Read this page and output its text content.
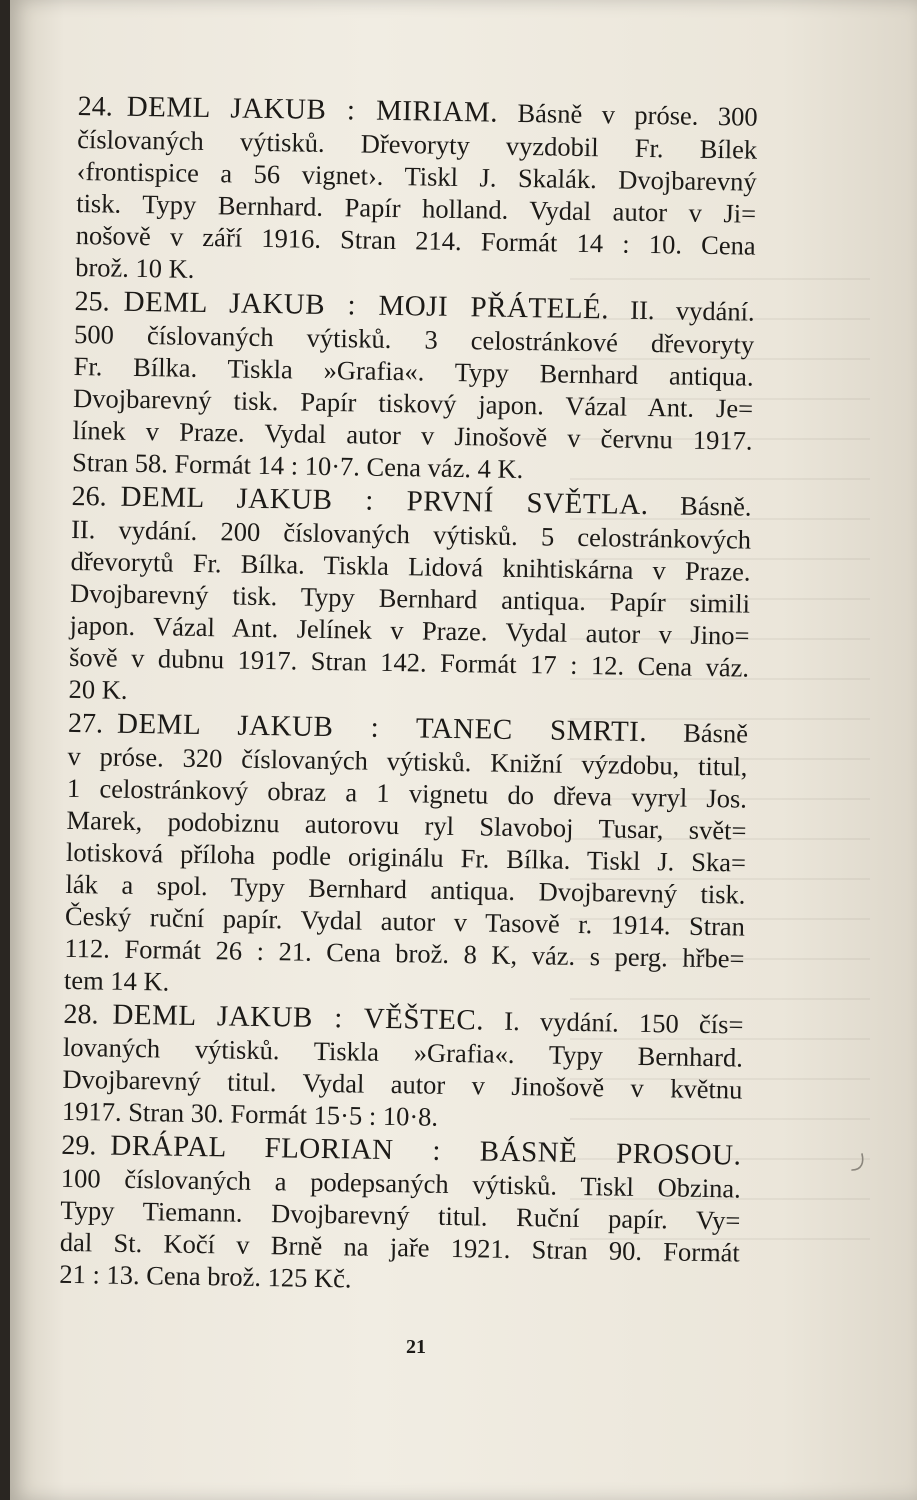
24. DEML JAKUB : MIRIAM. Básně v próse. 300
číslovaných výtisků. Dřevoryty vyzdobil Fr. Bílek
‹frontispice a 56 vignet›. Tiskl J. Skalák. Dvojbarevný
tisk. Typy Bernhard. Papír holland. Vydal autor v Ji=
nošově v září 1916. Stran 214. Formát 14 : 10. Cena
brož. 10 K.
25. DEML JAKUB : MOJI PŘÁTELÉ. II. vydání.
500 číslovaných výtisků. 3 celostránkové dřevoryty
Fr. Bílka. Tiskla »Grafia«. Typy Bernhard antiqua.
Dvojbarevný tisk. Papír tiskový japon. Vázal Ant. Je=
línek v Praze. Vydal autor v Jinošově v červnu 1917.
Stran 58. Formát 14 : 10·7. Cena váz. 4 K.
26. DEML JAKUB : PRVNÍ SVĚTLA. Básně.
II. vydání. 200 číslovaných výtisků. 5 celostránkových
dřevorytů Fr. Bílka. Tiskla Lidová knihtiskárna v Praze.
Dvojbarevný tisk. Typy Bernhard antiqua. Papír simili
japon. Vázal Ant. Jelínek v Praze. Vydal autor v Jino=
šově v dubnu 1917. Stran 142. Formát 17 : 12. Cena váz.
20 K.
27. DEML JAKUB : TANEC SMRTI. Básně
v próse. 320 číslovaných výtisků. Knižní výzdobu, titul,
1 celostránkový obraz a 1 vignetu do dřeva vyryl Jos.
Marek, podobiznu autorovu ryl Slavoboj Tusar, svět=
lotisková příloha podle originálu Fr. Bílka. Tiskl J. Ska=
lák a spol. Typy Bernhard antiqua. Dvojbarevný tisk.
Český ruční papír. Vydal autor v Tasově r. 1914. Stran
112. Formát 26 : 21. Cena brož. 8 K, váz. s perg. hřbe=
tem 14 K.
28. DEML JAKUB : VĚŠTEC. I. vydání. 150 čís=
lovaných výtisků. Tiskla »Grafia«. Typy Bernhard.
Dvojbarevný titul. Vydal autor v Jinošově v květnu
1917. Stran 30. Formát 15·5 : 10·8.
29. DRÁPAL FLORIAN : BÁSNĚ PROSOU.
100 číslovaných a podepsaných výtisků. Tiskl Obzina.
Typy Tiemann. Dvojbarevný titul. Ruční papír. Vy=
dal St. Kočí v Brně na jaře 1921. Stran 90. Formát
21 : 13. Cena brož. 125 Kč.
21
